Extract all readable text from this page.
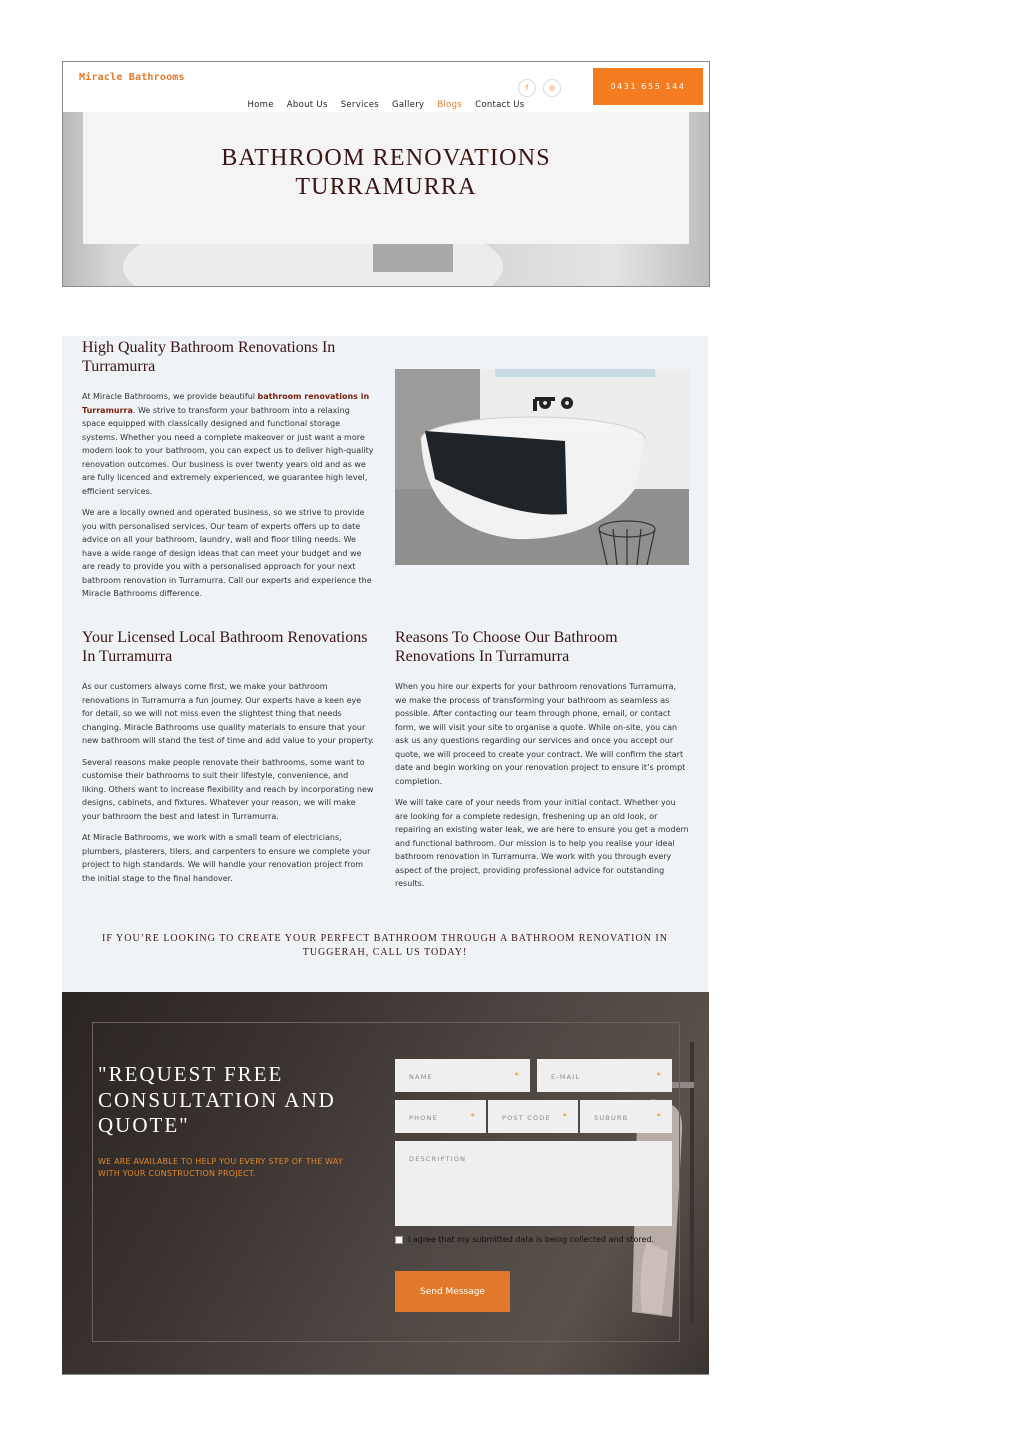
Miracle Bathrooms
f	◎	0431 655 144
Home About Us Services Gallery Blogs Contact Us
BATHROOM RENOVATIONS
TURRAMURRA
High Quality Bathroom Renovations In Turramurra

At Miracle Bathrooms, we provide beautiful bathroom renovations in Turramurra. We strive to transform your bathroom into a relaxing space equipped with classically designed and functional storage systems. Whether you need a complete makeover or just want a more modern look to your bathroom, you can expect us to deliver high-quality renovation outcomes. Our business is over twenty years old and as we are fully licenced and extremely experienced, we guarantee high level, efficient services.

We are a locally owned and operated business, so we strive to provide you with personalised services. Our team of experts offers up to date advice on all your bathroom, laundry, wall and floor tiling needs. We have a wide range of design ideas that can meet your budget and we are ready to provide you with a personalised approach for your next bathroom renovation in Turramurra. Call our experts and experience the Miracle Bathrooms difference.

Your Licensed Local Bathroom Renovations In Turramurra

As our customers always come first, we make your bathroom renovations in Turramurra a fun journey. Our experts have a keen eye for detail, so we will not miss even the slightest thing that needs changing. Miracle Bathrooms use quality materials to ensure that your new bathroom will stand the test of time and add value to your property.

Several reasons make people renovate their bathrooms, some want to customise their bathrooms to suit their lifestyle, convenience, and liking. Others want to increase flexibility and reach by incorporating new designs, cabinets, and fixtures. Whatever your reason, we will make your bathroom the best and latest in Turramurra.

At Miracle Bathrooms, we work with a small team of electricians, plumbers, plasterers, tilers, and carpenters to ensure we complete your project to high standards. We will handle your renovation project from the initial stage to the final handover.

Reasons To Choose Our Bathroom Renovations In Turramurra

When you hire our experts for your bathroom renovations Turramurra, we make the process of transforming your bathroom as seamless as possible. After contacting our team through phone, email, or contact form, we will visit your site to organise a quote. While on-site, you can ask us any questions regarding our services and once you accept our quote, we will proceed to create your contract. We will confirm the start date and begin working on your renovation project to ensure it’s prompt completion.

We will take care of your needs from your initial contact. Whether you are looking for a complete redesign, freshening up an old look, or repairing an existing water leak, we are here to ensure you get a modern and functional bathroom. Our mission is to help you realise your ideal bathroom renovation in Turramurra. We work with you through every aspect of the project, providing professional advice for outstanding results.

IF YOU’RE LOOKING TO CREATE YOUR PERFECT BATHROOM THROUGH A BATHROOM RENOVATION IN TUGGERAH, CALL US TODAY!
"REQUEST FREE CONSULTATION AND QUOTE"
WE ARE AVAILABLE TO HELP YOU EVERY STEP OF THE WAY
WITH YOUR CONSTRUCTION PROJECT.
NAME	*	E-MAIL	*
PHONE	*	POST CODE *	SUBURB	*
DESCRIPTION
I agree that my submitted data is being collected and stored.
Send Message
